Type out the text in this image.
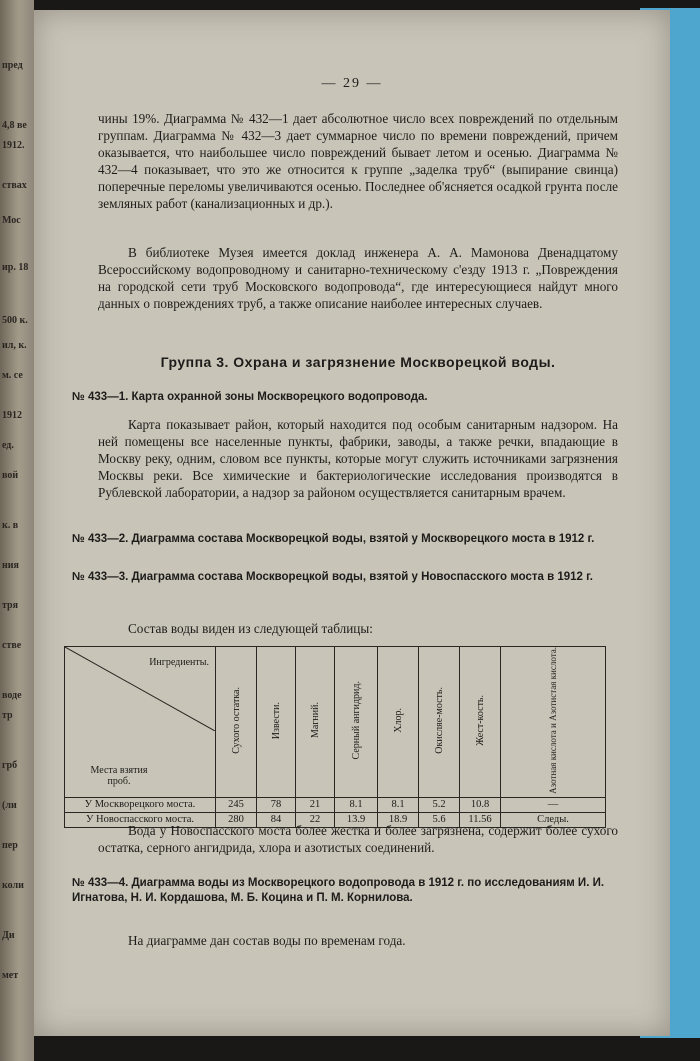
пред
4,8 ве
1912.
ствах
Мос
ир. 18
500 к.
ил, к.
м. се
1912
ед.
вой
к. в
ния
тря
стве
воде
тр
грб
(ли
пер
коли
Ди
мет
— 29 —

чины 19%. Диаграмма № 432—1 дает абсолютное число всех повреждений по отдельным группам. Диаграмма № 432—3 дает суммарное число по времени повреждений, причем оказывается, что наибольшее число повреждений бывает летом и осенью. Диаграмма № 432—4 показывает, что это же относится к группе „заделка труб“ (выпирание свинца) поперечные переломы увеличиваются осенью. Последнее об'ясняется осадкой грунта после земляных работ (канализационных и др.).

В библиотеке Музея имеется доклад инженера А. А. Мамонова Двенадцатому Всероссийскому водопроводному и санитарно-техническому с'езду 1913 г. „Повреждения на городской сети труб Московского водопровода“, где интересующиеся найдут много данных о повреждениях труб, а также описание наиболее интересных случаев.

Группа 3. Охрана и загрязнение Москворецкой воды.
№ 433—1. Карта охранной зоны Москворецкого водопровода.

Карта показывает район, который находится под особым санитарным надзором. На ней помещены все населенные пункты, фабрики, заводы, а также речки, впадающие в Москву реку, одним, словом все пункты, которые могут служить источниками загрязнения Москвы реки. Все химические и бактериологические исследования производятся в Рублевской лаборатории, а надзор за районом осуществляется санитарным врачем.

№ 433—2. Диаграмма состава Москворецкой воды, взятой у Москворецкого моста в 1912 г.
№ 433—3. Диаграмма состава Москворецкой воды, взятой у Новоспасского моста в 1912 г.

Состав воды виден из следующей таблицы:

Ингредиенты.
Места взятия проб.	Сухого остатка.	Извести.	Магний.	Серный ангидрид.	Хлор.	Окисляе-мость.	Жест-кость.	Азотная кислота и Азотистая кислота.
У Москворецкого моста.	245	78	21	8.1	8.1	5.2	10.8	—
У Новоспасского моста.	280	84	22	13.9	18.9	5.6	11.56	Следы.

Вода у Новоспасского моста более жестка и более загрязнена, содержит более сухого остатка, серного ангидрида, хлора и азотистых соединений.

№ 433—4. Диаграмма воды из Москворецкого водопровода в 1912 г. по исследованиям И. И. Игнатова, Н. И. Кордашова, М. Б. Коцина и П. М. Корнилова.

На диаграмме дан состав воды по временам года.
